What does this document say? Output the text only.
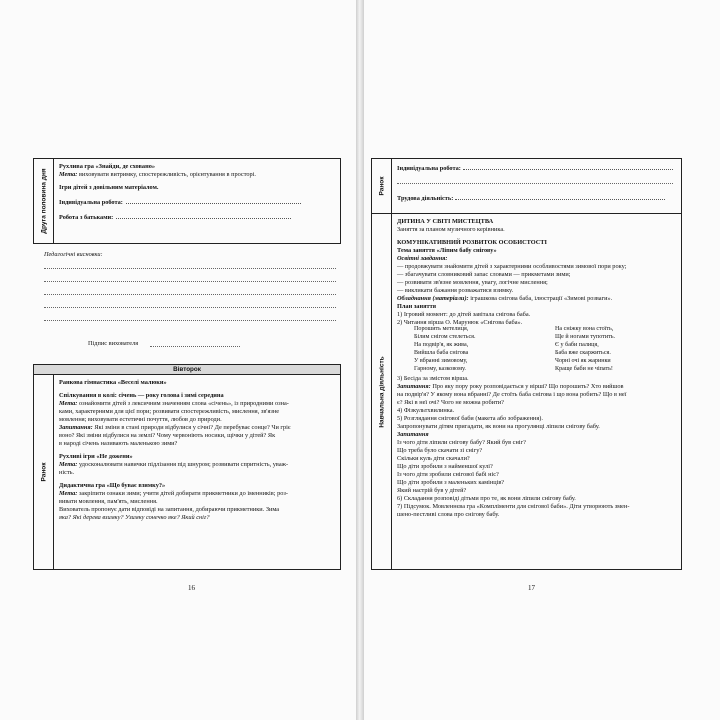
Друга половина дня
Рухлива гра «Знайди, де сховано»
Мета: виховувати витримку, спостережливість, орієнтування в просторі.
Ігри дітей з довільним матеріалом.
Індивідуальна робота:
Робота з батьками:
Педагогічні висновки:
Підпис вихователя
Вівторок
Ранок
Ранкова гімнастика «Веселі малюки»
Спілкування в колі: січень — року голова і зимі середина
Мета: ознайомити дітей з лексичним значенням слова «січень», із природними озна-
ками, характерними для цієї пори; розвивати спостережливість, мислення, зв'язне
мовлення; виховувати естетичні почуття, любов до природи.
Запитання: Які зміни в стані природи відбулися у січні? Де перебуває сонце? Чи гріє
воно? Які зміни відбулися на землі? Чому червоніють носики, щічки у дітей? Як
в народі січень називають маленькою зими?
Рухливі ігри «Не дожени»
Мета: удосконалювати навички підлізання під шнуром; розвивати спритність, уваж-
ність.
Дидактична гра «Що буває взимку?»
Мета: закріпити ознаки зими; учити дітей добирати прикметники до іменників; роз-
вивати мовлення, пам'ять, мислення.
Вихователь пропонує дати відповіді на запитання, добираючи прикметники. Зима
яка? Які дерева взимку? Узимку сонечко яке? Який сніг?
16
Ранок
Індивідуальна робота:
Трудова діяльність:
Навчальна діяльність
ДИТИНА У СВІТІ МИСТЕЦТВА
Заняття за планом музичного керівника.
КОМУНІКАТИВНИЙ РОЗВИТОК ОСОБИСТОСТІ
Тема заняття «Ліпим бабу снігову»
Освітні завдання:
— продовжувати знайомити дітей з характерними особливостями зимової пори року;
— збагачувати словниковий запас словами — прикметами зими;
— розвивати зв'язне мовлення, увагу, логічне мислення;
— викликати бажання розважатися взимку.
Обладнання (матеріали): іграшкова снігова баба, ілюстрації «Зимові розваги».
План заняття
1) Ігровий момент: до дітей завітала снігова баба.
2) Читання вірша О. Марунюк «Снігова баба».
Порошить метелиця,
Білим снігом стелеться.
На подвір'я, як живa,
Вийшла баба снігова
У вбранні зимовому,
Гарному, казковому.
На сніжку вона стоїть,
Ще й ногами тупотить.
Є у баби палиця,
Баба вже скаржиться.
Чорні очі як жаринки
Краще баби не чіпать!
3) Бесіда за змістом вірша.
Запитання: Про яку пору року розповідається у вірші? Що порошить? Хто вийшов
на подвір'я? У якому вона вбранні? Де стоїть баба снігова і що вона робить? Що в неї
є? Які в неї очі? Чого не можна робити?
4) Фізкультхвилинка.
5) Розглядання снігової баби (макета або зображення).
Запропонувати дітям пригадати, як вони на прогулянці ліпили снігову бабу.
Запитання
Із чого діти ліпили снігову бабу? Який був сніг?
Що треба було скачати зі снігу?
Скільки куль діти скачали?
Що діти зробили з найменшої кулі?
Із чого діти зробили снігової бабі ніс?
Що діти зробили з маленьких камінців?
Який настрій був у дітей?
6) Складання розповіді дітьми про те, як вони ліпили снігову бабу.
7) Підсумок. Мовленнєва гра «Компліменти для снігової баби». Діти утворюють змен-
шено-пестливі слова про снігову бабу.
17
